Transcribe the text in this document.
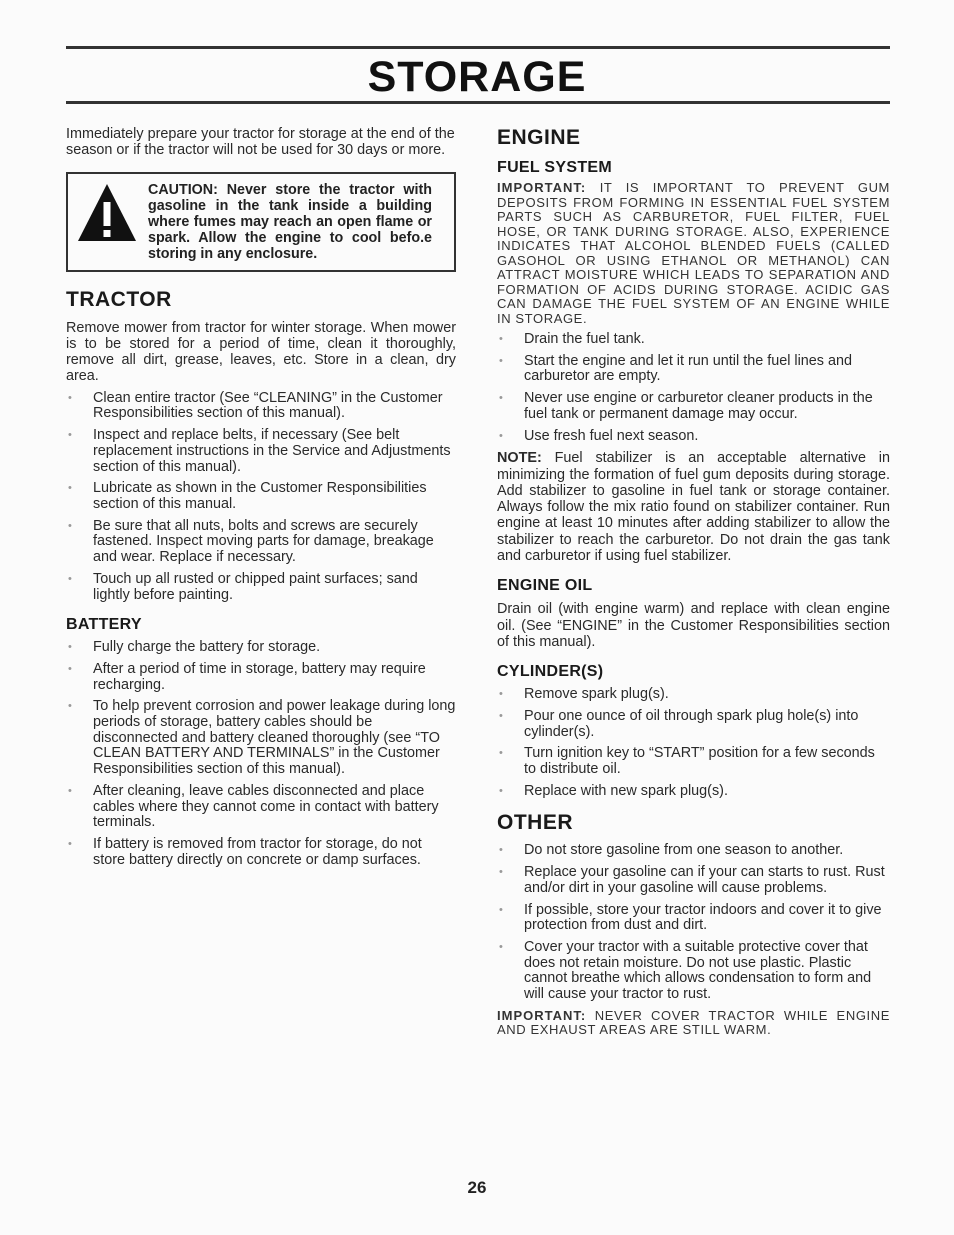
STORAGE

Immediately prepare your tractor for storage at the end of the season or if the tractor will not be used for 30 days or more.

CAUTION: Never store the tractor with gasoline in the tank inside a building where fumes may reach an open flame or spark. Allow the engine to cool befo.e storing in any enclosure.
TRACTOR

Remove mower from tractor for winter storage. When mower is to be stored for a period of time, clean it thoroughly, remove all dirt, grease, leaves, etc. Store in a clean, dry area.

• Clean entire tractor (See “CLEANING” in the Customer Responsibilities section of this manual).
• Inspect and replace belts, if necessary (See belt replacement instructions in the Service and Adjustments section of this manual).
• Lubricate as shown in the Customer Responsibilities section of this manual.
• Be sure that all nuts, bolts and screws are securely fastened. Inspect moving parts for damage, breakage and wear. Replace if necessary.
• Touch up all rusted or chipped paint surfaces; sand lightly before painting.
BATTERY
• Fully charge the battery for storage.
• After a period of time in storage, battery may require recharging.
• To help prevent corrosion and power leakage during long periods of storage, battery cables should be disconnected and battery cleaned thoroughly (see “TO CLEAN BATTERY AND TERMINALS” in the Customer Responsibilities section of this manual).
• After cleaning, leave cables disconnected and place cables where they cannot come in contact with battery terminals.
• If battery is removed from tractor for storage, do not store battery directly on concrete or damp surfaces.
ENGINE
FUEL SYSTEM

IMPORTANT: IT IS IMPORTANT TO PREVENT GUM DEPOSITS FROM FORMING IN ESSENTIAL FUEL SYSTEM PARTS SUCH AS CARBURETOR, FUEL FILTER, FUEL HOSE, OR TANK DURING STORAGE. ALSO, EXPERIENCE INDICATES THAT ALCOHOL BLENDED FUELS (CALLED GASOHOL OR USING ETHANOL OR METHANOL) CAN ATTRACT MOISTURE WHICH LEADS TO SEPARATION AND FORMATION OF ACIDS DURING STORAGE. ACIDIC GAS CAN DAMAGE THE FUEL SYSTEM OF AN ENGINE WHILE IN STORAGE.

• Drain the fuel tank.
• Start the engine and let it run until the fuel lines and carburetor are empty.
• Never use engine or carburetor cleaner products in the fuel tank or permanent damage may occur.
• Use fresh fuel next season.

NOTE: Fuel stabilizer is an acceptable alternative in minimizing the formation of fuel gum deposits during storage. Add stabilizer to gasoline in fuel tank or storage container. Always follow the mix ratio found on stabilizer container. Run engine at least 10 minutes after adding stabilizer to allow the stabilizer to reach the carburetor. Do not drain the gas tank and carburetor if using fuel stabilizer.

ENGINE OIL

Drain oil (with engine warm) and replace with clean engine oil. (See “ENGINE” in the Customer Responsibilities section of this manual).

CYLINDER(S)
• Remove spark plug(s).
• Pour one ounce of oil through spark plug hole(s) into cylinder(s).
• Turn ignition key to “START” position for a few seconds to distribute oil.
• Replace with new spark plug(s).
OTHER
• Do not store gasoline from one season to another.
• Replace your gasoline can if your can starts to rust. Rust and/or dirt in your gasoline will cause problems.
• If possible, store your tractor indoors and cover it to give protection from dust and dirt.
• Cover your tractor with a suitable protective cover that does not retain moisture. Do not use plastic. Plastic cannot breathe which allows condensation to form and will cause your tractor to rust.

IMPORTANT: NEVER COVER TRACTOR WHILE ENGINE AND EXHAUST AREAS ARE STILL WARM.

26
